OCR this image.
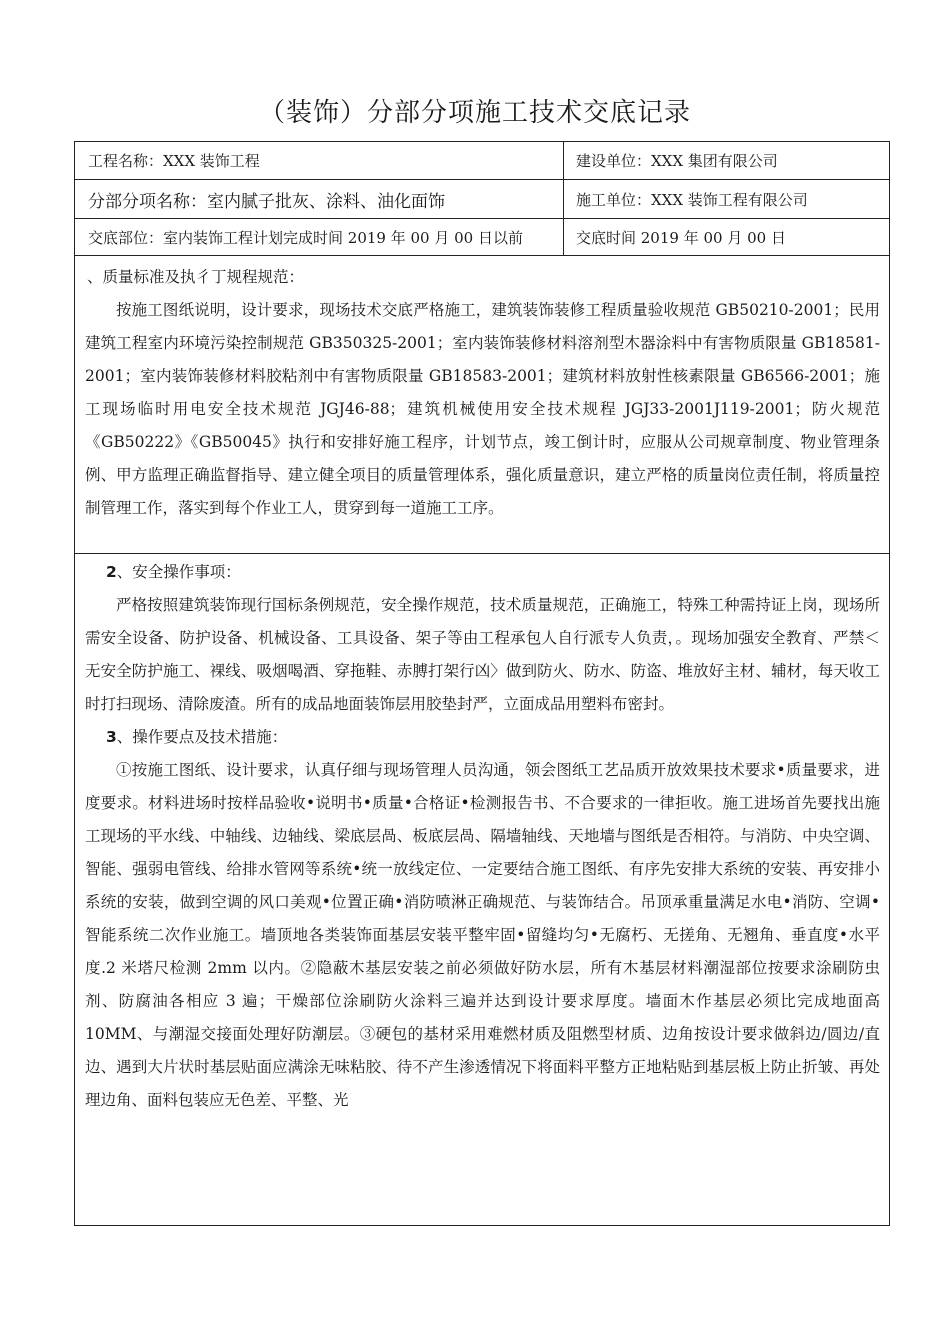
（装饰）分部分项施工技术交底记录
工程名称：XXX 装饰工程	建设单位：XXX 集团有限公司
分部分项名称：室内腻子批灰、涂料、油化面饰	施工单位：XXX 装饰工程有限公司
交底部位：室内装饰工程计划完成时间 2019 年 00 月 00 日以前	交底时间 2019 年 00 月 00 日
、质量标准及执彳丁规程规范：

按施工图纸说明，设计要求，现场技术交底严格施工，建筑装饰装修工程质量验收规范 GB50210-2001；民用建筑工程室内环境污染控制规范 GB350325-2001；室内装饰装修材料溶剂型木器涂料中有害物质限量 GB18581-2001；室内装饰装修材料胶粘剂中有害物质限量 GB18583-2001；建筑材料放射性核素限量 GB6566-2001；施工现场临时用电安全技术规范 JGJ46-88；建筑机械使用安全技术规程 JGJ33-2001J119-2001；防火规范《GB50222》《GB50045》执行和安排好施工程序，计划节点，竣工倒计时，应服从公司规章制度、物业管理条例、甲方监理正确监督指导、建立健全项目的质量管理体系，强化质量意识，建立严格的质量岗位责任制，将质量控制管理工作，落实到每个作业工人，贯穿到每一道施工工序。

2、安全操作事项：

严格按照建筑装饰现行国标条例规范，安全操作规范，技术质量规范，正确施工，特殊工种需持证上岗，现场所需安全设备、防护设备、机械设备、工具设备、架子等由工程承包人自行派专人负责，。现场加强安全教育、严禁＜无安全防护施工、裸线、吸烟喝酒、穿拖鞋、赤膊打架行凶〉做到防火、防水、防盗、堆放好主材、辅材，每天收工时打扫现场、清除废渣。所有的成品地面装饰层用胶垫封严，立面成品用塑料布密封。

3、操作要点及技术措施：

①按施工图纸、设计要求，认真仔细与现场管理人员沟通，领会图纸工艺品质开放效果技术要求•质量要求，进度要求。材料进场时按样品验收•说明书•质量•合格证•检测报告书、不合要求的一律拒收。施工进场首先要找出施工现场的平水线、中轴线、边轴线、梁底层咼、板底层咼、隔墙轴线、天地墙与图纸是否相符。与消防、中央空调、智能、强弱电管线、给排水管网等系统•统一放线定位、一定要结合施工图纸、有序先安排大系统的安装、再安排小系统的安装，做到空调的风口美观•位置正确•消防喷淋正确规范、与装饰结合。吊顶承重量满足水电•消防、空调•智能系统二次作业施工。墙顶地各类装饰面基层安装平整牢固•留缝均匀•无腐朽、无搓角、无翘角、垂直度•水平度.2 米塔尺检测 2mm 以内。②隐蔽木基层安装之前必须做好防水层，所有木基层材料潮湿部位按要求涂刷防虫剂、防腐油各相应 3 遍；干燥部位涂刷防火涂料三遍并达到设计要求厚度。墙面木作基层必须比完成地面高 10MM、与潮湿交接面处理好防潮层。③硬包的基材采用难燃材质及阻燃型材质、边角按设计要求做斜边/圆边/直边、遇到大片状时基层贴面应满涂无味粘胶、待不产生渗透情况下将面料平整方正地粘贴到基层板上防止折皱、再处理边角、面料包装应无色差、平整、光
